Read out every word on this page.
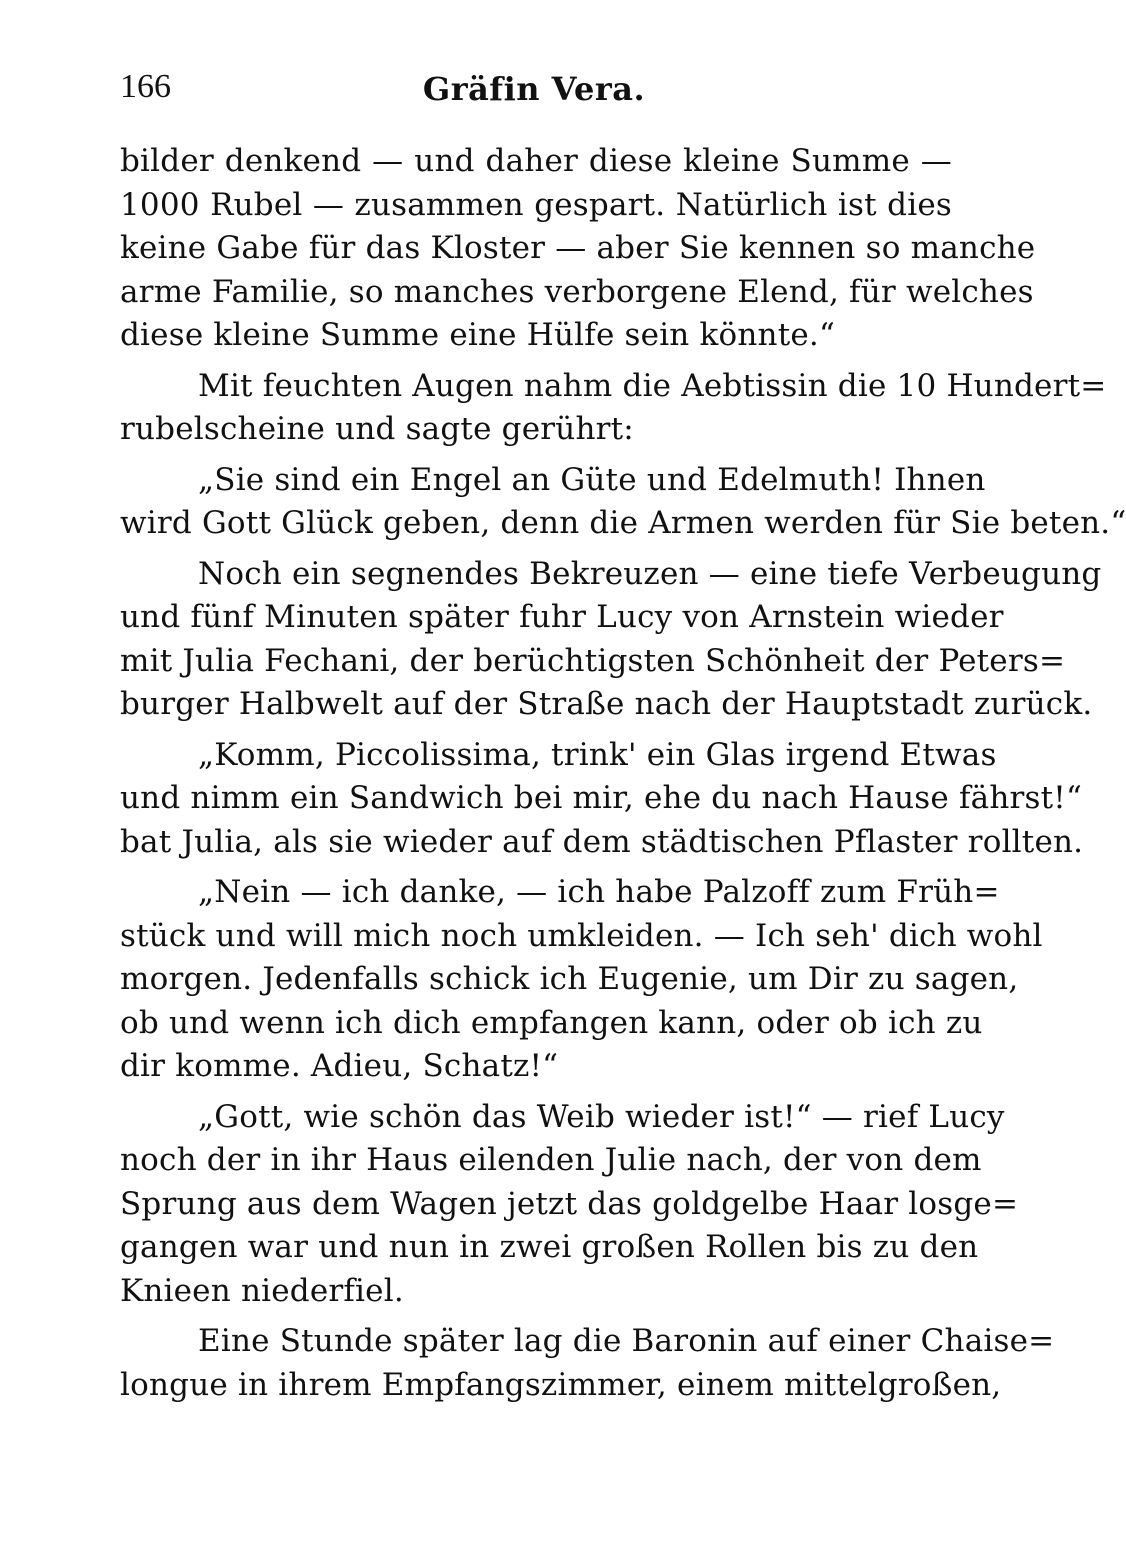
166	Gräfin Vera.
bilder denkend — und daher diese kleine Summe —
1000 Rubel — zusammen gespart. Natürlich ist dies
keine Gabe für das Kloster — aber Sie kennen so manche
arme Familie, so manches verborgene Elend, für welches
diese kleine Summe eine Hülfe sein könnte.“
Mit feuchten Augen nahm die Aebtissin die 10 Hundert=
rubelscheine und sagte gerührt:
„Sie sind ein Engel an Güte und Edelmuth! Ihnen
wird Gott Glück geben, denn die Armen werden für Sie beten.“
Noch ein segnendes Bekreuzen — eine tiefe Verbeugung
und fünf Minuten später fuhr Lucy von Arnstein wieder
mit Julia Fechani, der berüchtigsten Schönheit der Peters=
burger Halbwelt auf der Straße nach der Hauptstadt zurück.
„Komm, Piccolissima, trink' ein Glas irgend Etwas
und nimm ein Sandwich bei mir, ehe du nach Hause fährst!“
bat Julia, als sie wieder auf dem städtischen Pflaster rollten.
„Nein — ich danke, — ich habe Palzoff zum Früh=
stück und will mich noch umkleiden. — Ich seh' dich wohl
morgen. Jedenfalls schick ich Eugenie, um Dir zu sagen,
ob und wenn ich dich empfangen kann, oder ob ich zu
dir komme. Adieu, Schatz!“
„Gott, wie schön das Weib wieder ist!“ — rief Lucy
noch der in ihr Haus eilenden Julie nach, der von dem
Sprung aus dem Wagen jetzt das goldgelbe Haar losge=
gangen war und nun in zwei großen Rollen bis zu den
Knieen niederfiel.
Eine Stunde später lag die Baronin auf einer Chaise=
longue in ihrem Empfangszimmer, einem mittelgroßen,
